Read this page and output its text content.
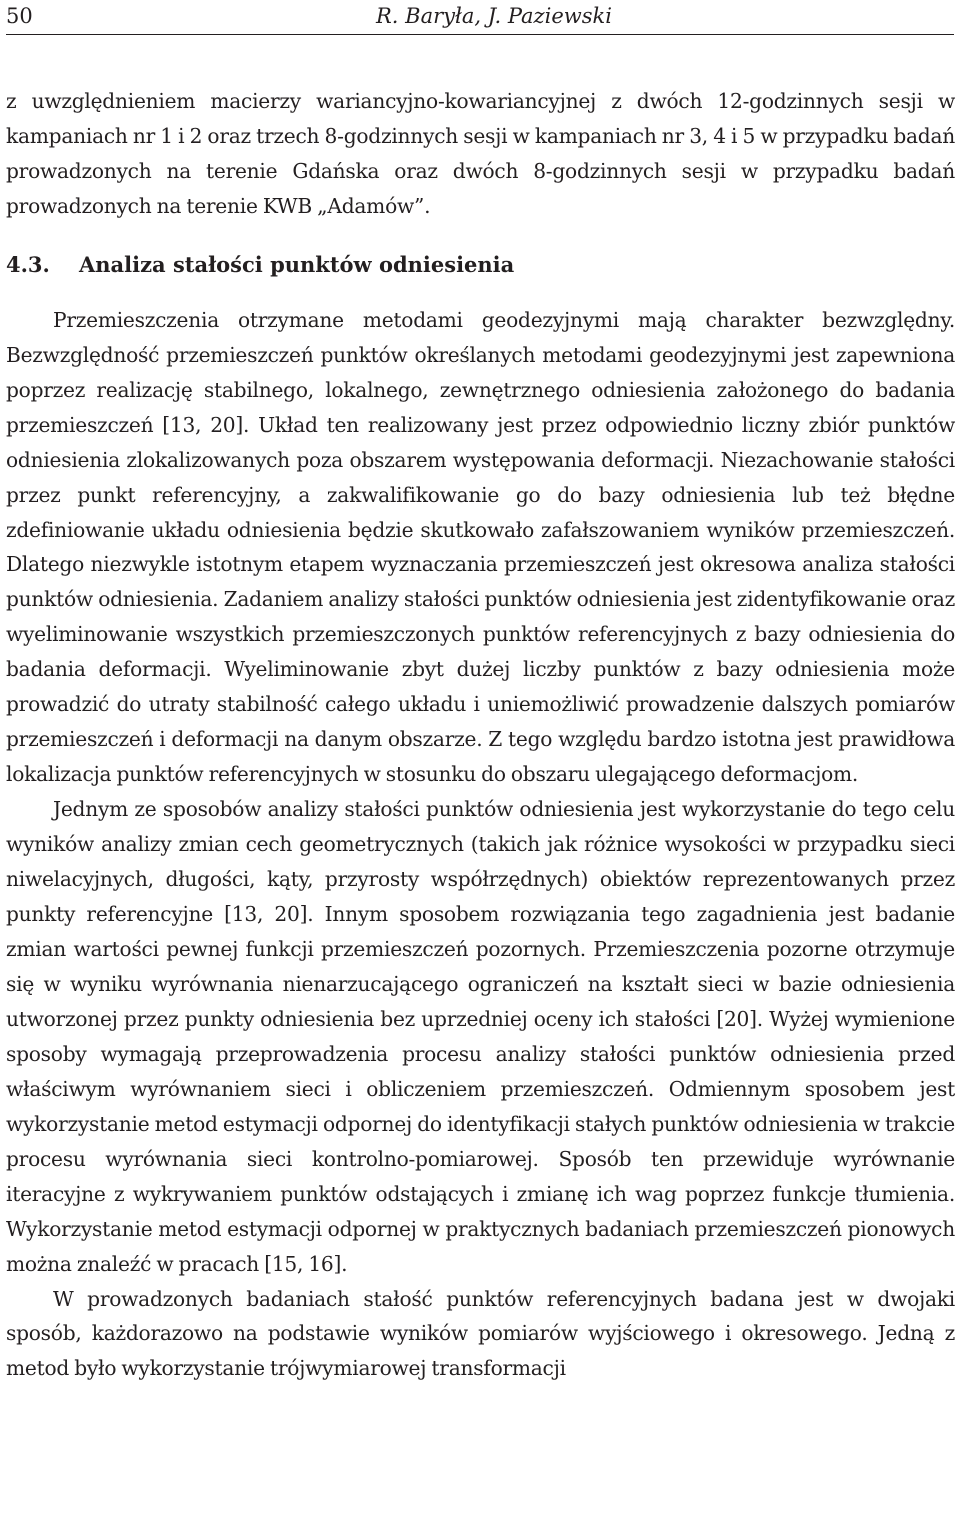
50	R. Baryła, J. Paziewski

z uwzględnieniem macierzy wariancyjno-kowariancyjnej z dwóch 12-godzinnych sesji w kampaniach nr 1 i 2 oraz trzech 8-godzinnych sesji w kampaniach nr 3, 4 i 5 w przypadku badań prowadzonych na terenie Gdańska oraz dwóch 8-godzinnych sesji w przypadku badań prowadzonych na terenie KWB „Adamów”.

4.3. Analiza stałości punktów odniesienia

Przemieszczenia otrzymane metodami geodezyjnymi mają charakter bezwzględny. Bezwzględność przemieszczeń punktów określanych metodami geodezyjnymi jest zapewniona poprzez realizację stabilnego, lokalnego, zewnętrznego odniesienia założonego do badania przemieszczeń [13, 20]. Układ ten realizowany jest przez odpowiednio liczny zbiór punktów odniesienia zlokalizowanych poza obszarem występowania deformacji. Niezachowanie stałości przez punkt referencyjny, a zakwalifikowanie go do bazy odniesienia lub też błędne zdefiniowanie układu odniesienia będzie skutkowało zafałszowaniem wyników przemieszczeń. Dlatego niezwykle istotnym etapem wyznaczania przemieszczeń jest okresowa analiza stałości punktów odniesienia. Zadaniem analizy stałości punktów odniesienia jest zidentyfikowanie oraz wyeliminowanie wszystkich przemieszczonych punktów referencyjnych z bazy odniesienia do badania deformacji. Wyeliminowanie zbyt dużej liczby punktów z bazy odniesienia może prowadzić do utraty stabilność całego układu i uniemożliwić prowadzenie dalszych pomiarów przemieszczeń i deformacji na danym obszarze. Z tego względu bardzo istotna jest prawidłowa lokalizacja punktów referencyjnych w stosunku do obszaru ulegającego deformacjom.

Jednym ze sposobów analizy stałości punktów odniesienia jest wykorzystanie do tego celu wyników analizy zmian cech geometrycznych (takich jak różnice wysokości w przypadku sieci niwelacyjnych, długości, kąty, przyrosty współrzędnych) obiektów reprezentowanych przez punkty referencyjne [13, 20]. Innym sposobem rozwiązania tego zagadnienia jest badanie zmian wartości pewnej funkcji przemieszczeń pozornych. Przemieszczenia pozorne otrzymuje się w wyniku wyrównania nienarzucającego ograniczeń na kształt sieci w bazie odniesienia utworzonej przez punkty odniesienia bez uprzedniej oceny ich stałości [20]. Wyżej wymienione sposoby wymagają przeprowadzenia procesu analizy stałości punktów odniesienia przed właściwym wyrównaniem sieci i obliczeniem przemieszczeń. Odmiennym sposobem jest wykorzystanie metod estymacji odpornej do identyfikacji stałych punktów odniesienia w trakcie procesu wyrównania sieci kontrolno-pomiarowej. Sposób ten przewiduje wyrównanie iteracyjne z wykrywaniem punktów odstających i zmianę ich wag poprzez funkcje tłumienia. Wykorzystanie metod estymacji odpornej w praktycznych badaniach przemieszczeń pionowych można znaleźć w pracach [15, 16].

W prowadzonych badaniach stałość punktów referencyjnych badana jest w dwojaki sposób, każdorazowo na podstawie wyników pomiarów wyjściowego i okresowego. Jedną z metod było wykorzystanie trójwymiarowej transformacji
